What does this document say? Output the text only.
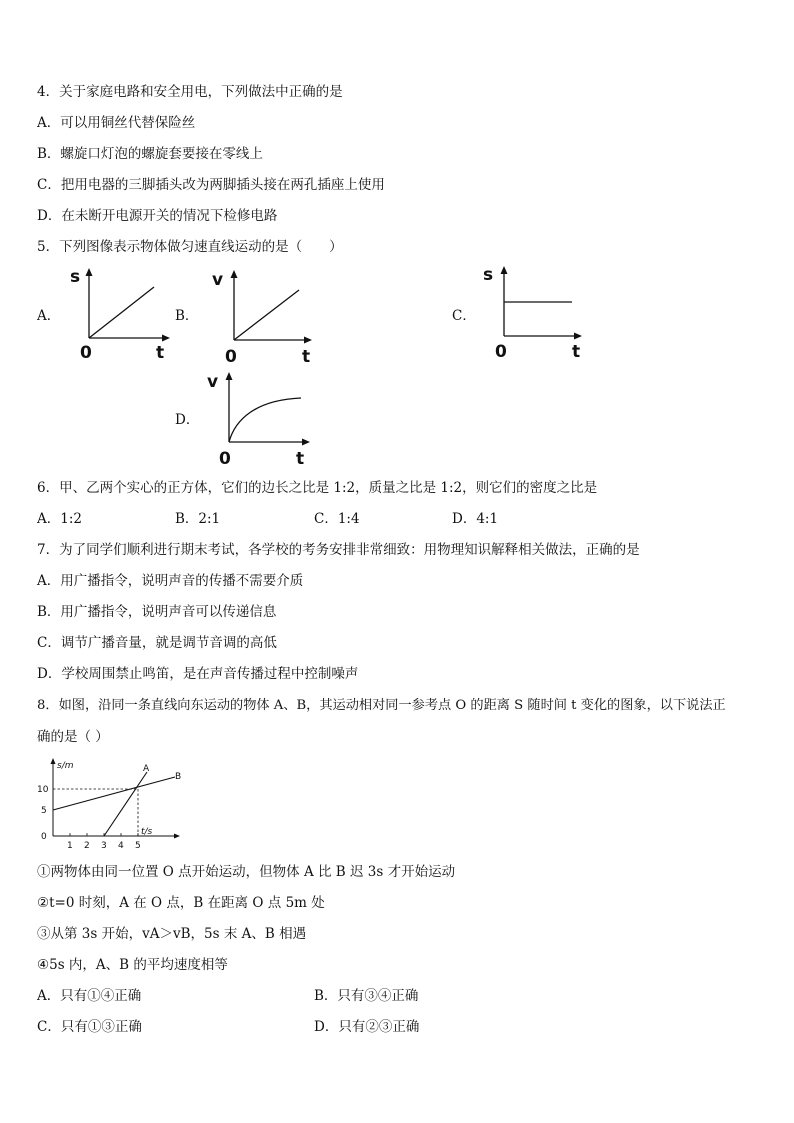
4．关于家庭电路和安全用电，下列做法中正确的是
A．可以用铜丝代替保险丝
B．螺旋口灯泡的螺旋套要接在零线上
C．把用电器的三脚插头改为两脚插头接在两孔插座上使用
D．在未断开电源开关的情况下检修电路
5．下列图像表示物体做匀速直线运动的是（　　）
A．
s
t
0
B．
v
t
0
C．
s
t
0
D．
v
t
0
6．甲、乙两个实心的正方体，它们的边长之比是 1:2，质量之比是 1:2，则它们的密度之比是
A．1:2	B．2:1	C．1:4	D．4:1
7．为了同学们顺利进行期末考试，各学校的考务安排非常细致：用物理知识解释相关做法，正确的是
A．用广播指令，说明声音的传播不需要介质
B．用广播指令，说明声音可以传递信息
C．调节广播音量，就是调节音调的高低
D．学校周围禁止鸣笛，是在声音传播过程中控制噪声
8．如图，沿同一条直线向东运动的物体 A、B，其运动相对同一参考点 O 的距离 S 随时间 t 变化的图象，以下说法正
确的是（ ）
s/m
t/s
0
5
10
1 2 3 4 5
A
B
①两物体由同一位置 O 点开始运动，但物体 A 比 B 迟 3s 才开始运动
②t=0 时刻，A 在 O 点，B 在距离 O 点 5m 处
③从第 3s 开始，vA＞vB，5s 末 A、B 相遇
④5s 内，A、B 的平均速度相等
A．只有①④正确	B．只有③④正确
C．只有①③正确	D．只有②③正确
